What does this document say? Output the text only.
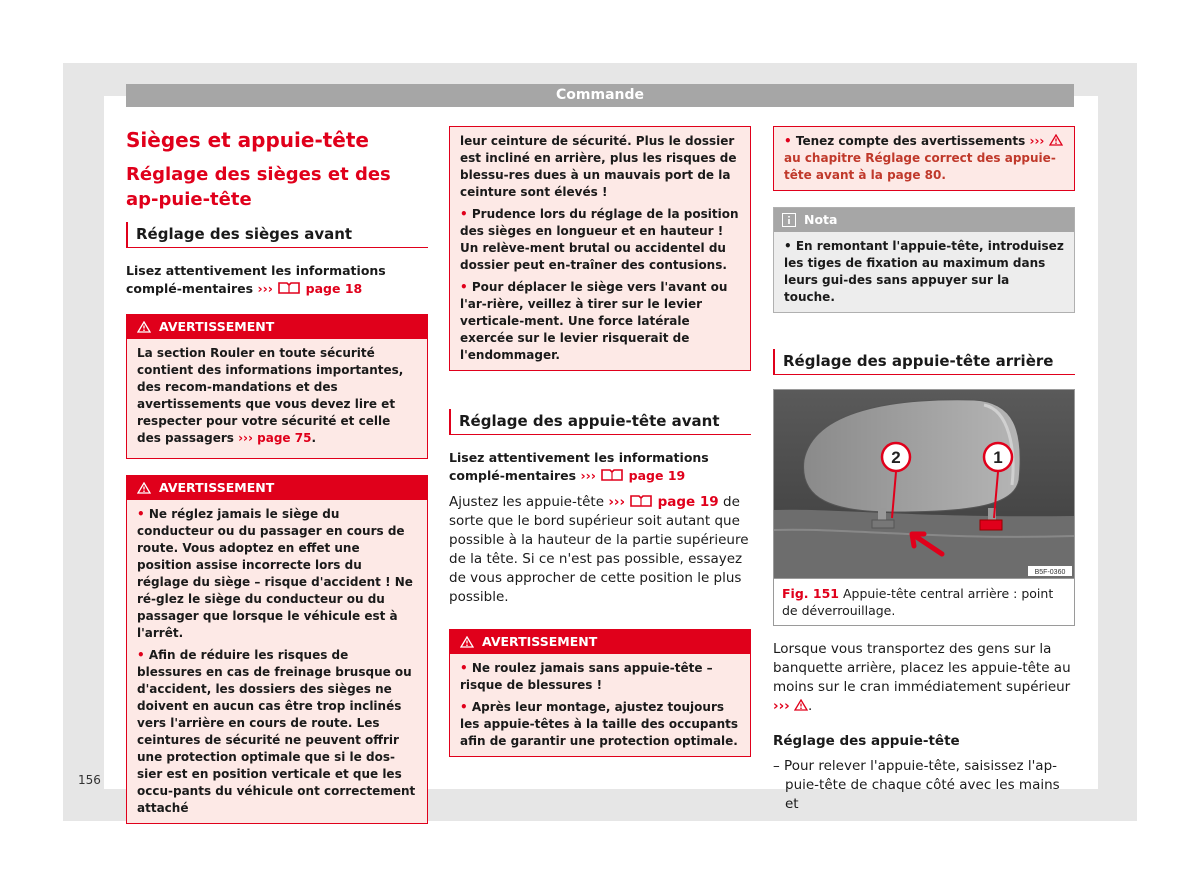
Commande
156
Sièges et appuie-tête
Réglage des sièges et des ap-puie-tête
Réglage des sièges avant

Lisez attentivement les informations complé-mentaires ›››	page 18

AVERTISSEMENT

La section Rouler en toute sécurité contient des informations importantes, des recom-mandations et des avertissements que vous devez lire et respecter pour votre sécurité et celle des passagers ››› page 75.

AVERTISSEMENT

• Ne réglez jamais le siège du conducteur ou du passager en cours de route. Vous adoptez en effet une position assise incorrecte lors du réglage du siège – risque d'accident ! Ne ré-glez le siège du conducteur ou du passager que lorsque le véhicule est à l'arrêt.

• Afin de réduire les risques de blessures en cas de freinage brusque ou d'accident, les dossiers des sièges ne doivent en aucun cas être trop inclinés vers l'arrière en cours de route. Les ceintures de sécurité ne peuvent offrir une protection optimale que si le dos-sier est en position verticale et que les occu-pants du véhicule ont correctement attaché

leur ceinture de sécurité. Plus le dossier est incliné en arrière, plus les risques de blessu-res dues à un mauvais port de la ceinture sont élevés !

• Prudence lors du réglage de la position des sièges en longueur et en hauteur ! Un relève-ment brutal ou accidentel du dossier peut en-traîner des contusions.

• Pour déplacer le siège vers l'avant ou l'ar-rière, veillez à tirer sur le levier verticale-ment. Une force latérale exercée sur le levier risquerait de l'endommager.

Réglage des appuie-tête avant

Lisez attentivement les informations complé-mentaires ›››	page 19

Ajustez les appuie-tête ››› page 19 de sorte que le bord supérieur soit autant que possible à la hauteur de la partie supérieure de la tête. Si ce n'est pas possible, essayez de vous approcher de cette position le plus possible.

AVERTISSEMENT

• Ne roulez jamais sans appuie-tête – risque de blessures !

• Après leur montage, ajustez toujours les appuie-têtes à la taille des occupants afin de garantir une protection optimale.

• Tenez compte des avertissements ›››  au chapitre Réglage correct des appuie-tête avant à la page 80.

Nota

• En remontant l'appuie-tête, introduisez les tiges de fixation au maximum dans leurs gui-des sans appuyer sur la touche.

Réglage des appuie-tête arrière
2	1
B5F-0360
Fig. 151 Appuie-tête central arrière : point de déverrouillage.

Lorsque vous transportez des gens sur la banquette arrière, placez les appuie-tête au moins sur le cran immédiatement supérieur ››› .

Réglage des appuie-tête

– Pour relever l'appuie-tête, saisissez l'ap-puie-tête de chaque côté avec les mains et
